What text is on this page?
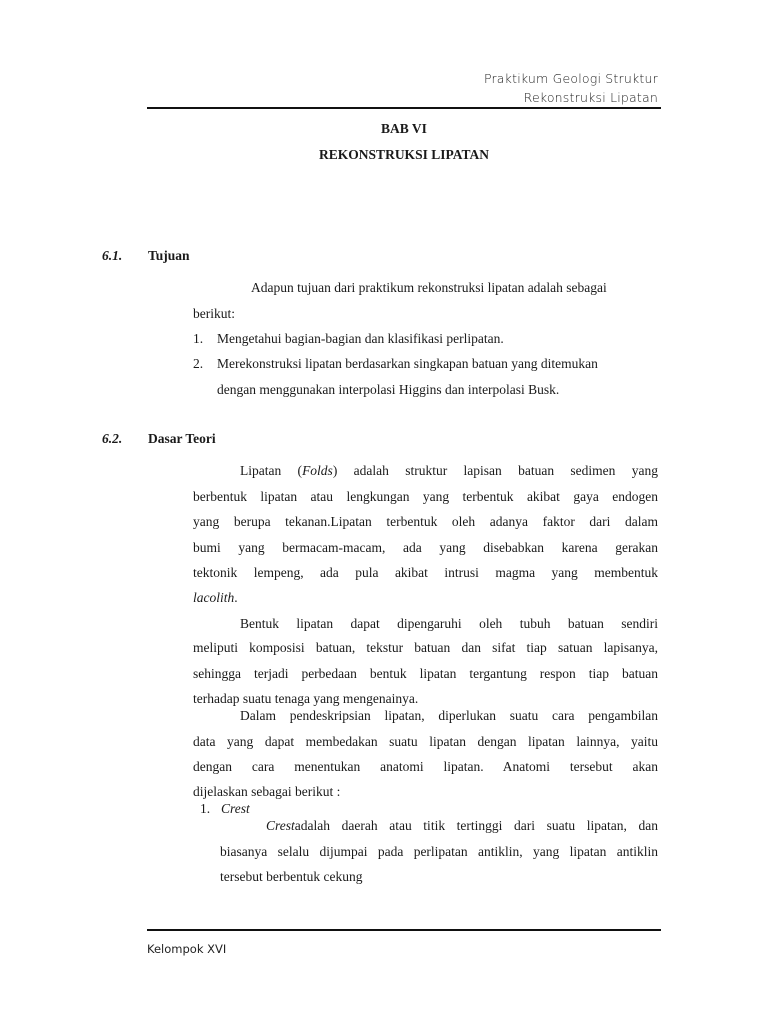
Praktikum Geologi Struktur
Rekonstruksi Lipatan
BAB VI
REKONSTRUKSI LIPATAN
6.1. Tujuan
Adapun tujuan dari praktikum rekonstruksi lipatan adalah sebagai
berikut:
1. Mengetahui bagian-bagian dan klasifikasi perlipatan.
2. Merekonstruksi lipatan berdasarkan singkapan batuan yang ditemukan
dengan menggunakan interpolasi Higgins dan interpolasi Busk.
6.2. Dasar Teori
Lipatan (Folds) adalah struktur lapisan batuan sedimen yang
berbentuk lipatan atau lengkungan yang terbentuk akibat gaya endogen
yang berupa tekanan.Lipatan terbentuk oleh adanya faktor dari dalam
bumi yang bermacam-macam, ada yang disebabkan karena gerakan
tektonik lempeng, ada pula akibat intrusi magma yang membentuk
lacolith.
Bentuk lipatan dapat dipengaruhi oleh tubuh batuan sendiri
meliputi komposisi batuan, tekstur batuan dan sifat tiap satuan lapisanya,
sehingga terjadi perbedaan bentuk lipatan tergantung respon tiap batuan
terhadap suatu tenaga yang mengenainya.
Dalam pendeskripsian lipatan, diperlukan suatu cara pengambilan
data yang dapat membedakan suatu lipatan dengan lipatan lainnya, yaitu
dengan cara menentukan anatomi lipatan. Anatomi tersebut akan
dijelaskan sebagai berikut :
1. Crest
Crestadalah daerah atau titik tertinggi dari suatu lipatan, dan
biasanya selalu dijumpai pada perlipatan antiklin, yang lipatan antiklin
tersebut berbentuk cekung
Kelompok XVI
